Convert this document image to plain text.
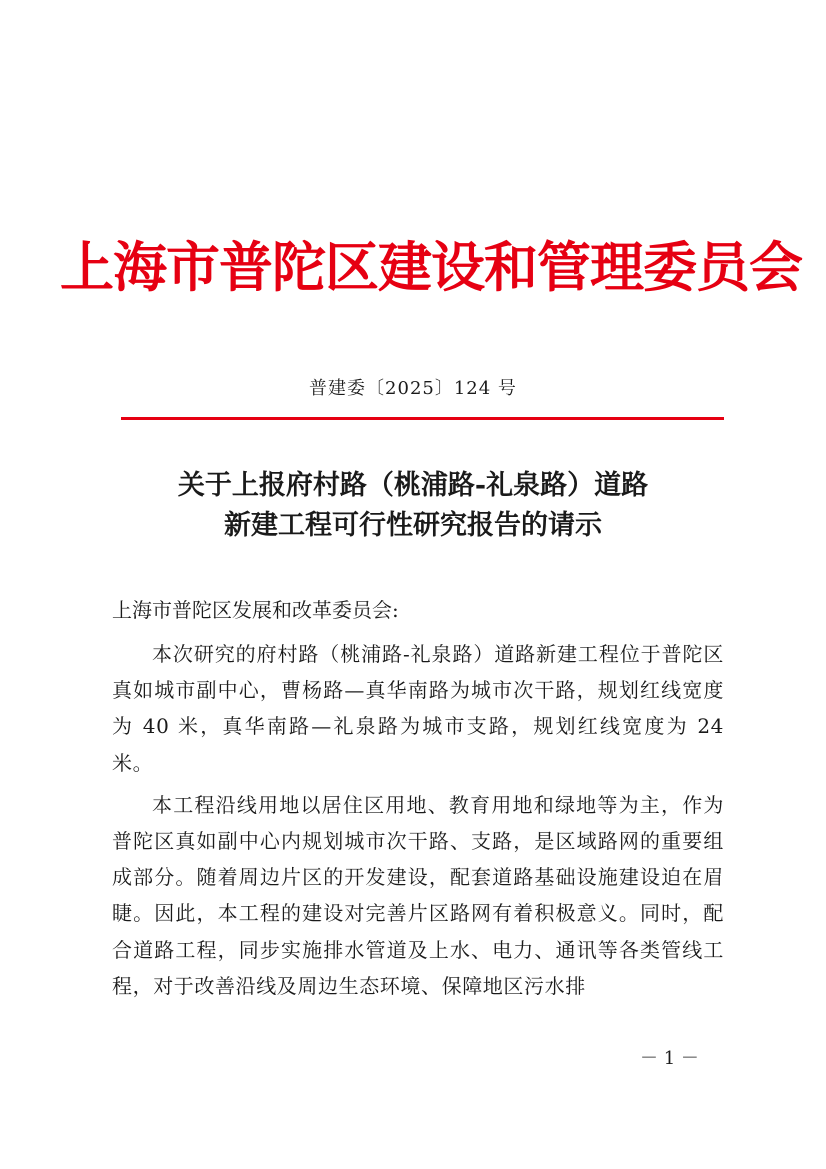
上海市普陀区建设和管理委员会
普建委〔2025〕124 号
关于上报府村路（桃浦路-礼泉路）道路
新建工程可行性研究报告的请示
上海市普陀区发展和改革委员会:

本次研究的府村路（桃浦路-礼泉路）道路新建工程位于普陀区真如城市副中心，曹杨路—真华南路为城市次干路，规划红线宽度为 40 米，真华南路—礼泉路为城市支路，规划红线宽度为 24 米。

本工程沿线用地以居住区用地、教育用地和绿地等为主，作为普陀区真如副中心内规划城市次干路、支路，是区域路网的重要组成部分。随着周边片区的开发建设，配套道路基础设施建设迫在眉睫。因此，本工程的建设对完善片区路网有着积极意义。同时，配合道路工程，同步实施排水管道及上水、电力、通讯等各类管线工程，对于改善沿线及周边生态环境、保障地区污水排

－ 1 －
